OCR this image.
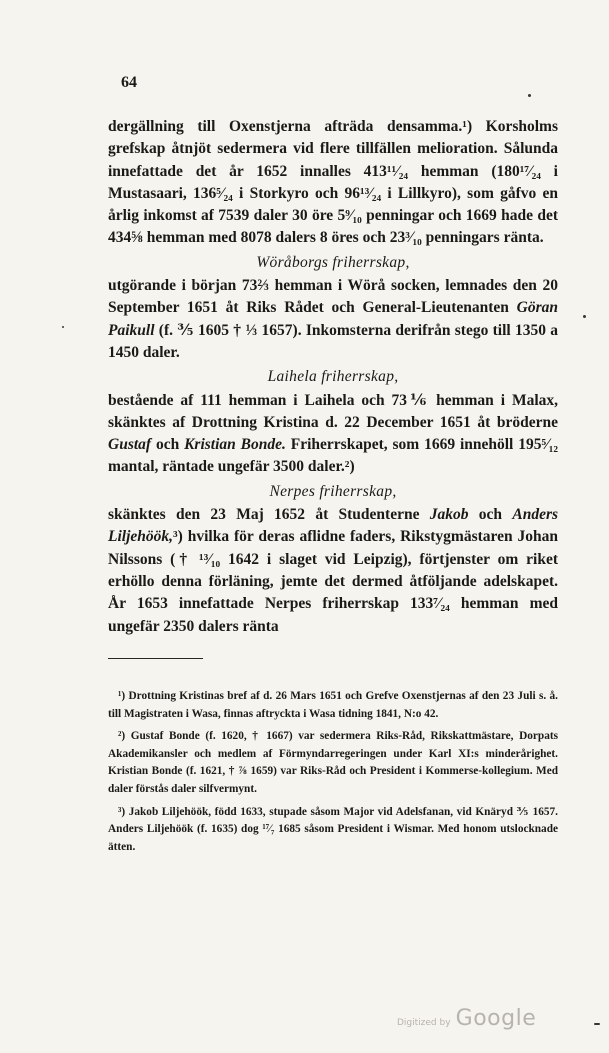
64

dergällning till Oxenstjerna afträda densamma.¹) Korsholms grefskap åtnjöt sedermera vid flere tillfällen melioration. Sålunda innefattade det år 1652 innalles 413¹¹⁄₂₄ hemman (180¹⁷⁄₂₄ i Mustasaari, 136⁵⁄₂₄ i Storkyro och 96¹³⁄₂₄ i Lillkyro), som gåfvo en årlig inkomst af 7539 daler 30 öre 5⁹⁄₁₀ penningar och 1669 hade det 434⅝ hemman med 8078 dalers 8 öres och 23³⁄₁₀ penningars ränta.

Wöråborgs friherrskap,

utgörande i början 73⅔ hemman i Wörå socken, lemnades den 20 September 1651 åt Riks Rådet och General-Lieutenanten Göran Paikull (f. ⅗ 1605 † ⅓ 1657). Inkomsterna derifrån stego till 1350 a 1450 daler.

Laihela friherrskap,

bestående af 111 hemman i Laihela och 73⅙ hemman i Malax, skänktes af Drottning Kristina d. 22 December 1651 åt bröderne Gustaf och Kristian Bonde. Friherrskapet, som 1669 innehöll 195⁵⁄₁₂ mantal, räntade ungefär 3500 daler.²)

Nerpes friherrskap,

skänktes den 23 Maj 1652 åt Studenterne Jakob och Anders Liljehöök,³) hvilka för deras aflidne faders, Rikstygmästaren Johan Nilssons († ¹³⁄₁₀ 1642 i slaget vid Leipzig), förtjenster om riket erhöllo denna förläning, jemte det dermed åtföljande adelskapet. År 1653 innefattade Nerpes friherrskap 133⁷⁄₂₄ hemman med ungefär 2350 dalers ränta

¹) Drottning Kristinas bref af d. 26 Mars 1651 och Grefve Oxenstjernas af den 23 Juli s. å. till Magistraten i Wasa, finnas aftryckta i Wasa tidning 1841, N:o 42.

²) Gustaf Bonde (f. 1620, † 1667) var sedermera Riks-Råd, Rikskattmästare, Dorpats Akademikansler och medlem af Förmyndarregeringen under Karl XI:s minderårighet. Kristian Bonde (f. 1621, † ⅞ 1659) var Riks-Råd och President i Kommerse-kollegium. Med daler förstås daler silfvermynt.

³) Jakob Liljehöök, född 1633, stupade såsom Major vid Adelsfanan, vid Knäryd ⅗ 1657. Anders Liljehöök (f. 1635) dog ¹⁷⁄₇ 1685 såsom President i Wismar. Med honom utslocknade ätten.

Digitized by Google
